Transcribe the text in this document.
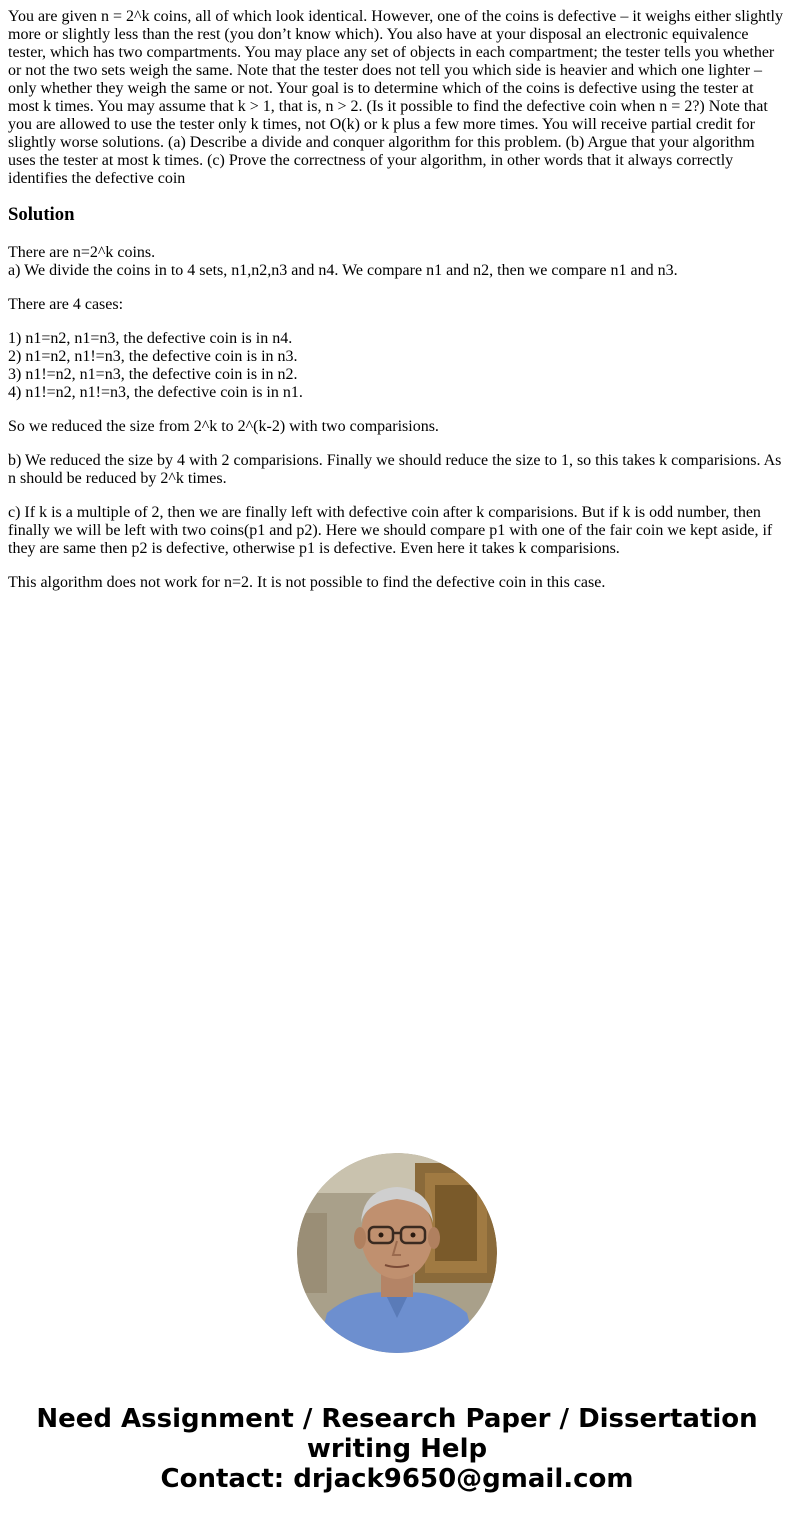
You are given n = 2^k coins, all of which look identical. However, one of the coins is defective – it weighs either slightly more or slightly less than the rest (you don’t know which). You also have at your disposal an electronic equivalence tester, which has two compartments. You may place any set of objects in each compartment; the tester tells you whether or not the two sets weigh the same. Note that the tester does not tell you which side is heavier and which one lighter – only whether they weigh the same or not. Your goal is to determine which of the coins is defective using the tester at most k times. You may assume that k > 1, that is, n > 2. (Is it possible to find the defective coin when n = 2?) Note that you are allowed to use the tester only k times, not O(k) or k plus a few more times. You will receive partial credit for slightly worse solutions. (a) Describe a divide and conquer algorithm for this problem. (b) Argue that your algorithm uses the tester at most k times. (c) Prove the correctness of your algorithm, in other words that it always correctly identifies the defective coin

Solution

There are n=2^k coins.
a) We divide the coins in to 4 sets, n1,n2,n3 and n4. We compare n1 and n2, then we compare n1 and n3.

There are 4 cases:

1) n1=n2, n1=n3, the defective coin is in n4.
2) n1=n2, n1!=n3, the defective coin is in n3.
3) n1!=n2, n1=n3, the defective coin is in n2.
4) n1!=n2, n1!=n3, the defective coin is in n1.

So we reduced the size from 2^k to 2^(k-2) with two comparisions.

b) We reduced the size by 4 with 2 comparisions. Finally we should reduce the size to 1, so this takes k comparisions. As n should be reduced by 2^k times.

c) If k is a multiple of 2, then we are finally left with defective coin after k comparisions. But if k is odd number, then finally we will be left with two coins(p1 and p2). Here we should compare p1 with one of the fair coin we kept aside, if they are same then p2 is defective, otherwise p1 is defective. Even here it takes k comparisions.

This algorithm does not work for n=2. It is not possible to find the defective coin in this case.

Need Assignment / Research Paper / Dissertation
writing Help
Contact: drjack9650@gmail.com
